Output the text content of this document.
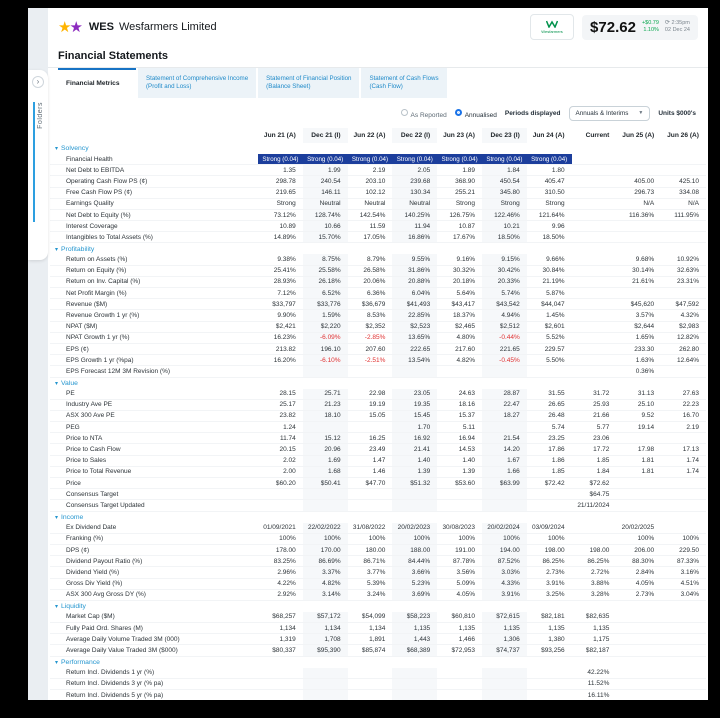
›
Folders
★★ WES Wesfarmers Limited	Wesfarmers $72.62 +$0.79
1.10%
⟳ 2:35pm
02 Dec 24
Financial Statements
Financial Metrics
Statement of Comprehensive Income
(Profit and Loss)
Statement of Financial Position
(Balance Sheet)
Statement of Cash Flows
(Cash Flow)
As Reported	Annualised Periods displayed Annuals & Interims ▼ Units $000's
	Jun 21 (A)	Dec 21 (I)	Jun 22 (A)	Dec 22 (I)	Jun 23 (A)	Dec 23 (I)	Jun 24 (A)	Current	Jun 25 (A)	Jun 26 (A)
▾ Solvency										
Financial Health	Strong (0.04)	Strong (0.04)	Strong (0.04)	Strong (0.04)	Strong (0.04)	Strong (0.04)	Strong (0.04)			
Net Debt to EBITDA	1.35	1.99	2.19	2.05	1.89	1.84	1.80			
Operating Cash Flow PS (¢)	298.78	240.54	203.10	239.68	368.90	450.54	405.47		405.00	425.10
Free Cash Flow PS (¢)	219.65	146.11	102.12	130.34	255.21	345.80	310.50		296.73	334.08
Earnings Quality	Strong	Neutral	Neutral	Neutral	Strong	Strong	Strong		N/A	N/A
Net Debt to Equity (%)	73.12%	128.74%	142.54%	140.25%	126.75%	122.46%	121.64%		116.36%	111.95%
Interest Coverage	10.89	10.66	11.59	11.94	10.87	10.21	9.96			
Intangibles to Total Assets (%)	14.89%	15.70%	17.05%	16.86%	17.67%	18.50%	18.50%			
▾ Profitability										
Return on Assets (%)	9.38%	8.75%	8.79%	9.55%	9.16%	9.15%	9.66%		9.68%	10.92%
Return on Equity (%)	25.41%	25.58%	26.58%	31.86%	30.32%	30.42%	30.84%		30.14%	32.63%
Return on Inv. Capital (%)	28.93%	26.18%	20.06%	20.88%	20.18%	20.33%	21.19%		21.61%	23.31%
Net Profit Margin (%)	7.12%	6.52%	6.36%	6.04%	5.64%	5.74%	5.87%			
Revenue ($M)	$33,797	$33,776	$36,679	$41,493	$43,417	$43,542	$44,047		$45,620	$47,592
Revenue Growth 1 yr (%)	9.90%	1.59%	8.53%	22.85%	18.37%	4.94%	1.45%		3.57%	4.32%
NPAT ($M)	$2,421	$2,220	$2,352	$2,523	$2,465	$2,512	$2,601		$2,644	$2,983
NPAT Growth 1 yr (%)	16.23%	-6.09%	-2.85%	13.65%	4.80%	-0.44%	5.52%		1.65%	12.82%
EPS (¢)	213.82	196.10	207.60	222.65	217.60	221.65	229.57		233.30	262.80
EPS Growth 1 yr (%pa)	16.20%	-6.10%	-2.51%	13.54%	4.82%	-0.45%	5.50%		1.63%	12.64%
EPS Forecast 12M 3M Revision (%)									0.36%	
▾ Value										
PE	28.15	25.71	22.98	23.05	24.63	28.87	31.55	31.72	31.13	27.63
Industry Ave PE	25.17	21.23	19.19	19.35	18.16	22.47	26.65	25.93	25.10	22.23
ASX 300 Ave PE	23.82	18.10	15.05	15.45	15.37	18.27	26.48	21.66	9.52	16.70
PEG	1.24			1.70	5.11		5.74	5.77	19.14	2.19
Price to NTA	11.74	15.12	16.25	16.92	16.94	21.54	23.25	23.06		
Price to Cash Flow	20.15	20.96	23.49	21.41	14.53	14.20	17.86	17.72	17.98	17.13
Price to Sales	2.02	1.69	1.47	1.40	1.40	1.67	1.86	1.85	1.81	1.74
Price to Total Revenue	2.00	1.68	1.46	1.39	1.39	1.66	1.85	1.84	1.81	1.74
Price	$60.20	$50.41	$47.70	$51.32	$53.60	$63.99	$72.42	$72.62		
Consensus Target								$64.75		
Consensus Target Updated								21/11/2024		
▾ Income										
Ex Dividend Date	01/09/2021	22/02/2022	31/08/2022	20/02/2023	30/08/2023	20/02/2024	03/09/2024		20/02/2025	
Franking (%)	100%	100%	100%	100%	100%	100%	100%		100%	100%
DPS (¢)	178.00	170.00	180.00	188.00	191.00	194.00	198.00	198.00	206.00	229.50
Dividend Payout Ratio (%)	83.25%	86.69%	86.71%	84.44%	87.78%	87.52%	86.25%	86.25%	88.30%	87.33%
Dividend Yield (%)	2.96%	3.37%	3.77%	3.66%	3.56%	3.03%	2.73%	2.72%	2.84%	3.16%
Gross Div Yield (%)	4.22%	4.82%	5.39%	5.23%	5.09%	4.33%	3.91%	3.88%	4.05%	4.51%
ASX 300 Avg Gross DY (%)	2.92%	3.14%	3.24%	3.69%	4.05%	3.91%	3.25%	3.28%	2.73%	3.04%
▾ Liquidity										
Market Cap ($M)	$68,257	$57,172	$54,099	$58,223	$60,810	$72,615	$82,181	$82,635		
Fully Paid Ord. Shares (M)	1,134	1,134	1,134	1,135	1,135	1,135	1,135	1,135		
Average Daily Volume Traded 3M (000)	1,319	1,708	1,891	1,443	1,466	1,306	1,380	1,175		
Average Daily Value Traded 3M ($000)	$80,337	$95,390	$85,874	$68,389	$72,953	$74,737	$93,256	$82,187		
▾ Performance										
Return Incl. Dividends 1 yr (%)								42.22%		
Return Incl. Dividends 3 yr (% pa)								11.52%		
Return Incl. Dividends 5 yr (% pa)								16.11%		
